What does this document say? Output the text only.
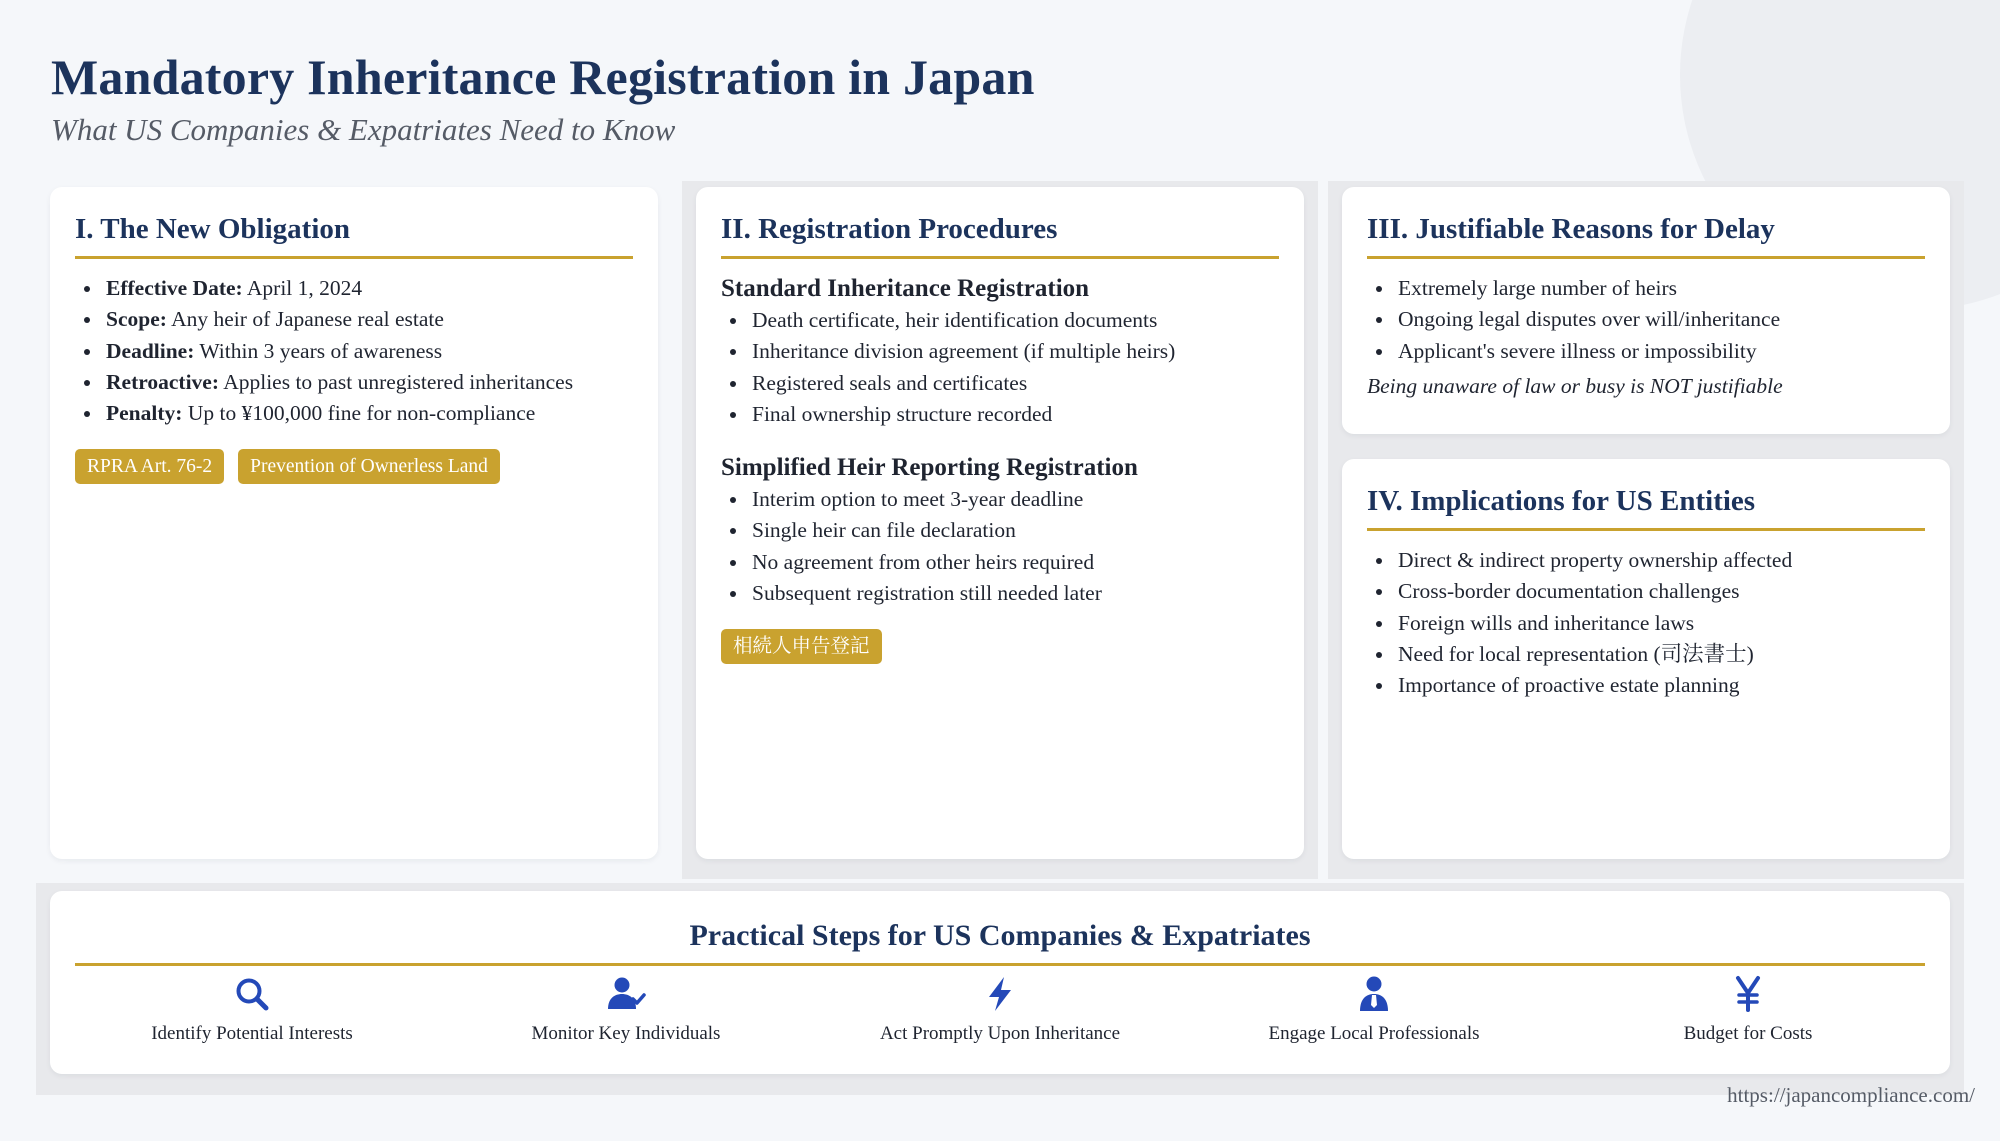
Mandatory Inheritance Registration in Japan
What US Companies & Expatriates Need to Know
I. The New Obligation
Effective Date: April 1, 2024
Scope: Any heir of Japanese real estate
Deadline: Within 3 years of awareness
Retroactive: Applies to past unregistered inheritances
Penalty: Up to ¥100,000 fine for non-compliance
RPRA Art. 76-2	Prevention of Ownerless Land
II. Registration Procedures
Standard Inheritance Registration
Death certificate, heir identification documents
Inheritance division agreement (if multiple heirs)
Registered seals and certificates
Final ownership structure recorded
Simplified Heir Reporting Registration
Interim option to meet 3-year deadline
Single heir can file declaration
No agreement from other heirs required
Subsequent registration still needed later
相続人申告登記
III. Justifiable Reasons for Delay
Extremely large number of heirs
Ongoing legal disputes over will/inheritance
Applicant's severe illness or impossibility
Being unaware of law or busy is NOT justifiable
IV. Implications for US Entities
Direct & indirect property ownership affected
Cross-border documentation challenges
Foreign wills and inheritance laws
Need for local representation (司法書士)
Importance of proactive estate planning
Practical Steps for US Companies & Expatriates
Identify Potential Interests	Monitor Key Individuals	Act Promptly Upon Inheritance	Engage Local Professionals	Budget for Costs
https://japancompliance.com/
